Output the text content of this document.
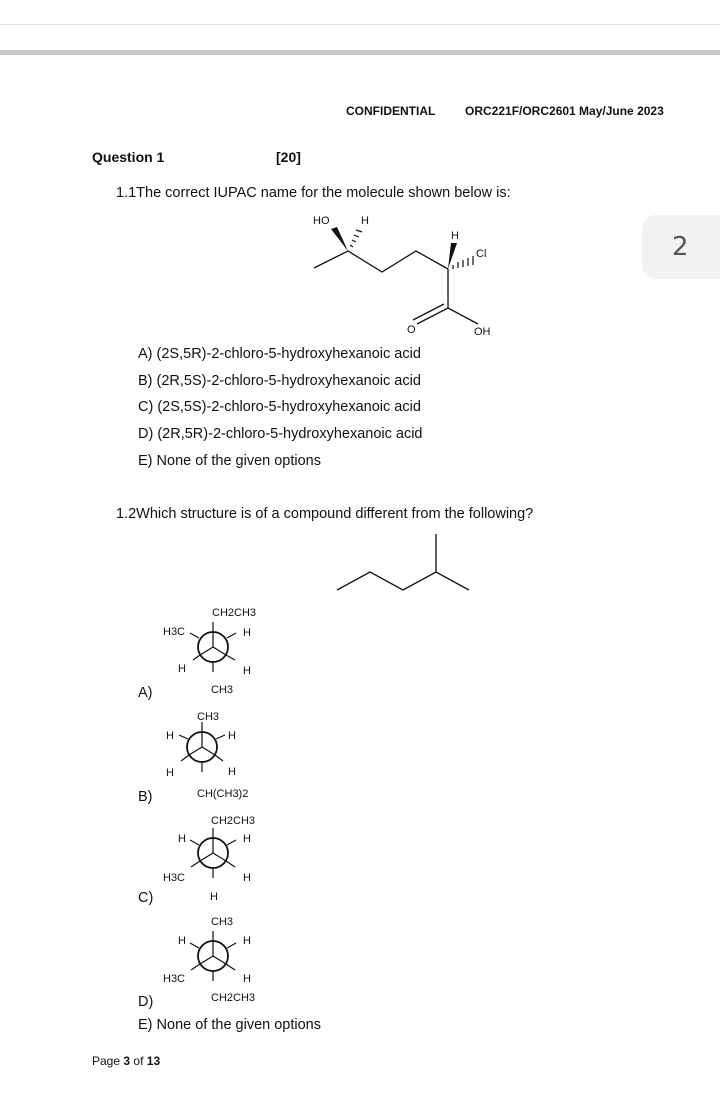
CONFIDENTIAL ORC221F/ORC2601 May/June 2023
2
Question 1	[20]
1.1The correct IUPAC name for the molecule shown below is:
HO	H
H
Cl
O	OH
A) (2S,5R)-2-chloro-5-hydroxyhexanoic acid
B) (2R,5S)-2-chloro-5-hydroxyhexanoic acid
C) (2S,5S)-2-chloro-5-hydroxyhexanoic acid
D) (2R,5R)-2-chloro-5-hydroxyhexanoic acid
E) None of the given options
1.2Which structure is of a compound different from the following?
CH2CH3
H3C	H
H	H
CH3
A)
CH3
H	H
H	H
CH(CH3)2
B)
CH2CH3
H	H
H3C	H
H
C)
CH3
H	H
H3C	H
CH2CH3
D)
E) None of the given options
Page 3 of 13
